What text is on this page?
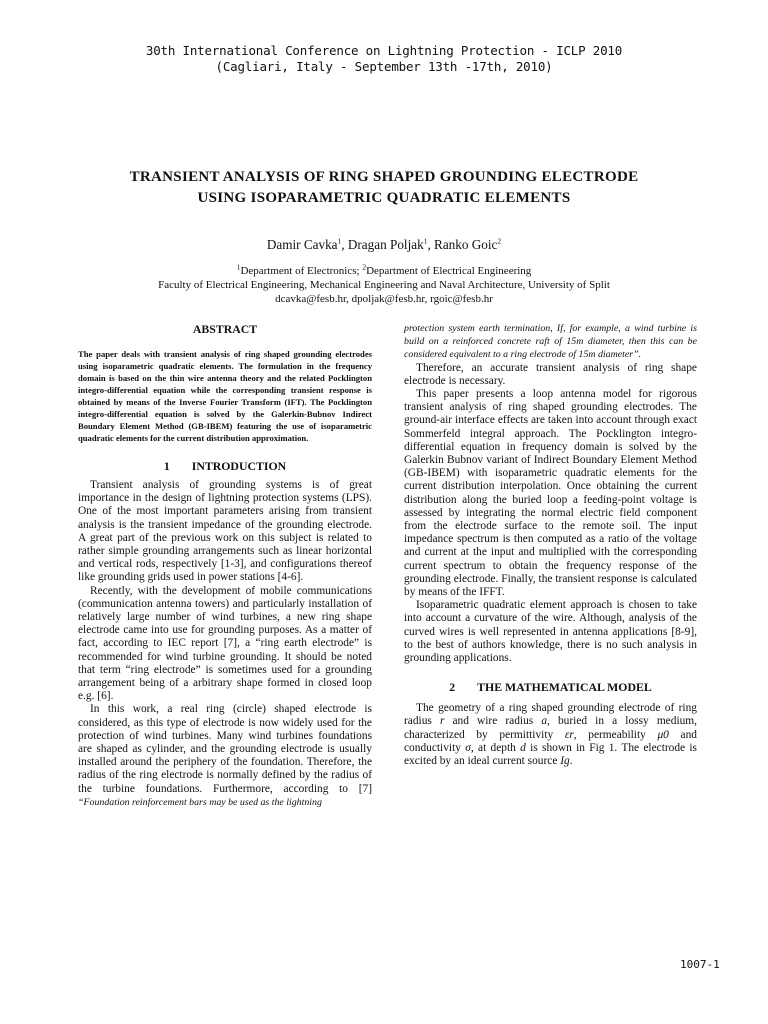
30th International Conference on Lightning Protection - ICLP 2010
(Cagliari, Italy - September 13th -17th, 2010)
TRANSIENT ANALYSIS OF RING SHAPED GROUNDING ELECTRODE USING ISOPARAMETRIC QUADRATIC ELEMENTS
Damir Cavka$^1$, Dragan Poljak$^1$, Ranko Goic$^2$
$^1$Department of Electronics; $^2$Department of Electrical Engineering
Faculty of Electrical Engineering, Mechanical Engineering and Naval Architecture, University of Split
dcavka@fesb.hr, dpoljak@fesb.hr, rgoic@fesb.hr

ABSTRACT

The paper deals with transient analysis of ring shaped grounding electrodes using isoparametric quadratic elements. The formulation in the frequency domain is based on the thin wire antenna theory and the related Pocklington integro-differential equation while the corresponding transient response is obtained by means of the Inverse Fourier Transform (IFT). The Pocklington integro-differential equation is solved by the Galerkin-Bubnov Indirect Boundary Element Method (GB-IBEM) featuring the use of isoparametric quadratic elements for the current distribution approximation.

1 INTRODUCTION

Transient analysis of grounding systems is of great importance in the design of lightning protection systems (LPS). One of the most important parameters arising from transient analysis is the transient impedance of the grounding electrode. A great part of the previous work on this subject is related to rather simple grounding arrangements such as linear horizontal and vertical rods, respectively [1-3], and configurations thereof like grounding grids used in power stations [4-6].

Recently, with the development of mobile communications (communication antenna towers) and particularly installation of relatively large number of wind turbines, a new ring shape electrode came into use for grounding purposes. As a matter of fact, according to IEC report [7], a “ring earth electrode” is recommended for wind turbine grounding. It should be noted that term “ring electrode” is sometimes used for a grounding arrangement being of a arbitrary shape formed in closed loop e.g. [6].

In this work, a real ring (circle) shaped electrode is considered, as this type of electrode is now widely used for the protection of wind turbines. Many wind turbines foundations are shaped as cylinder, and the grounding electrode is usually installed around the periphery of the foundation. Therefore, the radius of the ring electrode is normally defined by the radius of the turbine foundations. Furthermore, according to [7] “Foundation reinforcement bars may be used as the lightning

protection system earth termination, If, for example, a wind turbine is build on a reinforced concrete raft of 15m diameter, then this can be considered equivalent to a ring electrode of 15m diameter”.

Therefore, an accurate transient analysis of ring shape electrode is necessary.

This paper presents a loop antenna model for rigorous transient analysis of ring shaped grounding electrodes. The ground-air interface effects are taken into account through exact Sommerfeld integral approach. The Pocklington integro-differential equation in frequency domain is solved by the Galerkin Bubnov variant of Indirect Boundary Element Method (GB-IBEM) with isoparametric quadratic elements for the current distribution interpolation. Once obtaining the current distribution along the buried loop a feeding-point voltage is assessed by integrating the normal electric field component from the electrode surface to the remote soil. The input impedance spectrum is then computed as a ratio of the voltage and current at the input and multiplied with the corresponding current spectrum to obtain the frequency response of the grounding electrode. Finally, the transient response is calculated by means of the IFFT.

Isoparametric quadratic element approach is chosen to take into account a curvature of the wire. Although, analysis of the curved wires is well represented in antenna applications [8-9], to the best of authors knowledge, there is no such analysis in grounding applications.

2 THE MATHEMATICAL MODEL

The geometry of a ring shaped grounding electrode of ring radius r and wire radius a, buried in a lossy medium, characterized by permittivity εr, permeability μ0 and conductivity σ, at depth d is shown in Fig 1. The electrode is excited by an ideal current source Ig.

1007-1
